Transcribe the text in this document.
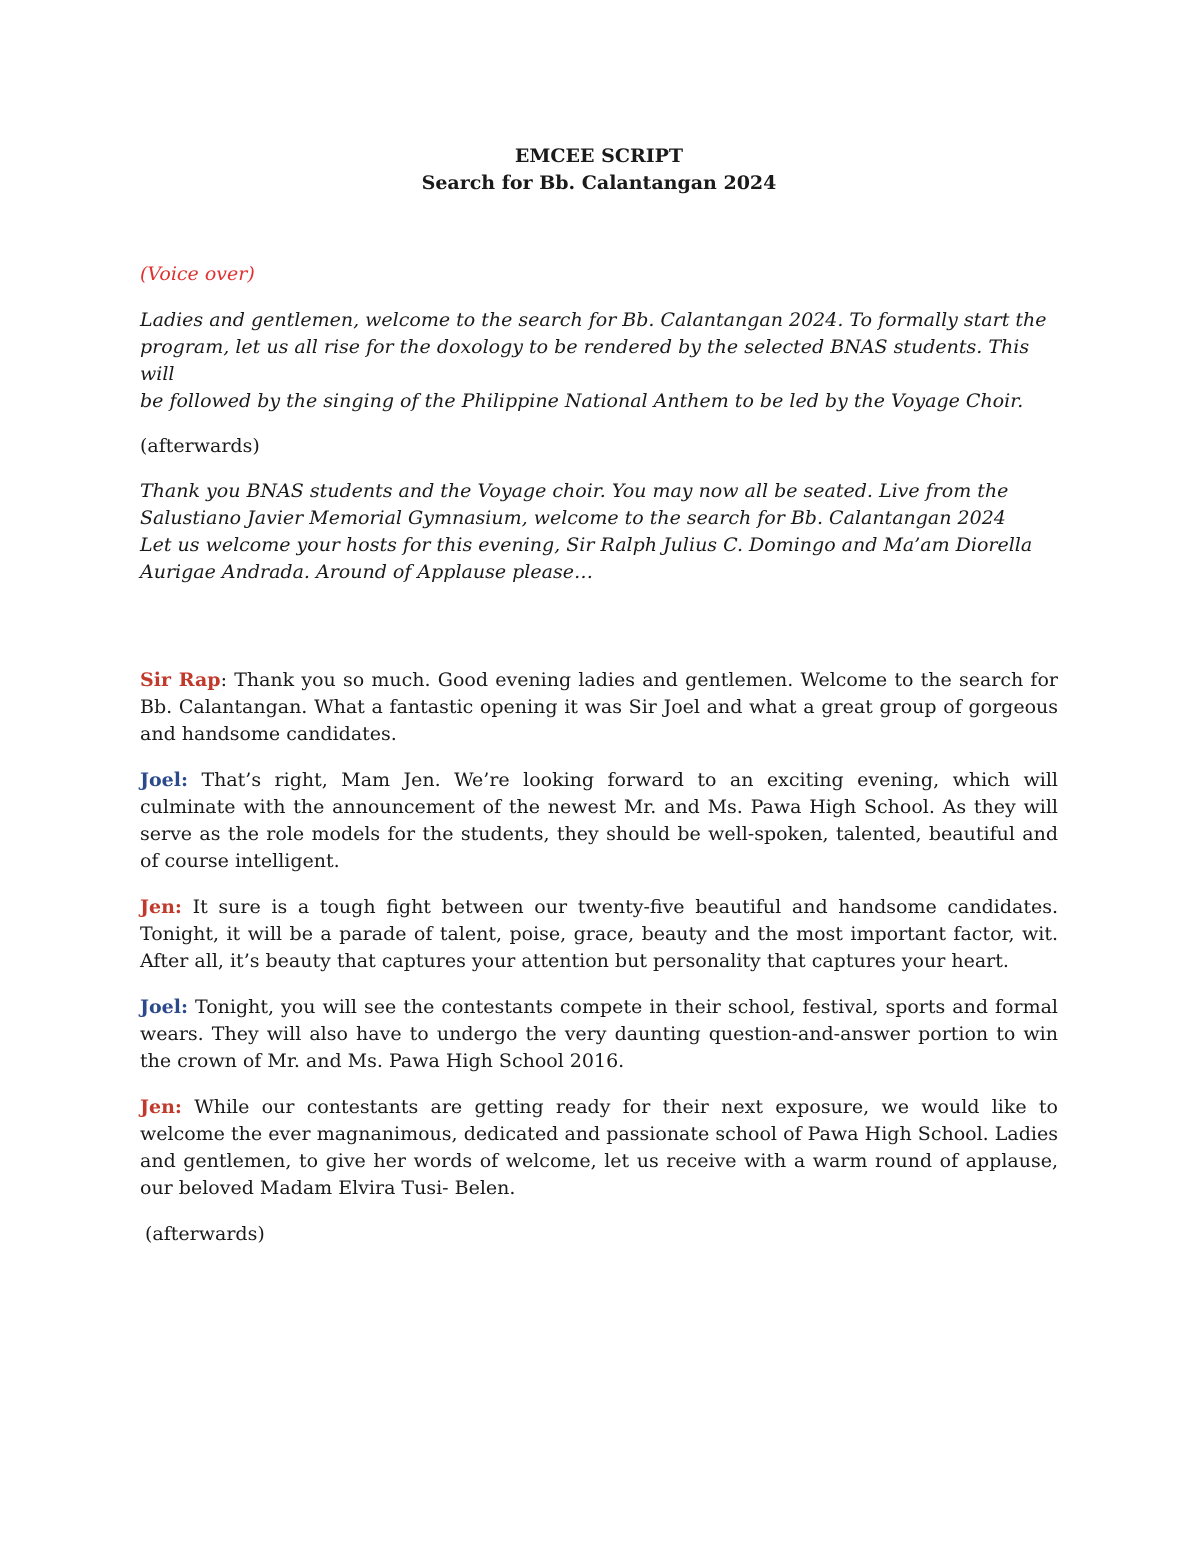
EMCEE SCRIPT
Search for Bb. Calantangan 2024
(Voice over)

Ladies and gentlemen, welcome to the search for Bb. Calantangan 2024. To formally start the
program, let us all rise for the doxology to be rendered by the selected BNAS students. This will
be followed by the singing of the Philippine National Anthem to be led by the Voyage Choir.

(afterwards)

Thank you BNAS students and the Voyage choir. You may now all be seated. Live from the
Salustiano Javier Memorial Gymnasium, welcome to the search for Bb. Calantangan 2024
Let us welcome your hosts for this evening, Sir Ralph Julius C. Domingo and Ma’am Diorella
Aurigae Andrada. Around of Applause please…

Sir Rap: Thank you so much. Good evening ladies and gentlemen. Welcome to the search for Bb. Calantangan. What a fantastic opening it was Sir Joel and what a great group of gorgeous and handsome candidates.

Joel: That’s right, Mam Jen. We’re looking forward to an exciting evening, which will culminate with the announcement of the newest Mr. and Ms. Pawa High School. As they will serve as the role models for the students, they should be well-spoken, talented, beautiful and of course intelligent.

Jen: It sure is a tough fight between our twenty-five beautiful and handsome candidates. Tonight, it will be a parade of talent, poise, grace, beauty and the most important factor, wit. After all, it’s beauty that captures your attention but personality that captures your heart.

Joel: Tonight, you will see the contestants compete in their school, festival, sports and formal wears. They will also have to undergo the very daunting question-and-answer portion to win the crown of Mr. and Ms. Pawa High School 2016.

Jen: While our contestants are getting ready for their next exposure, we would like to welcome the ever magnanimous, dedicated and passionate school of Pawa High School. Ladies and gentlemen, to give her words of welcome, let us receive with a warm round of applause, our beloved Madam Elvira Tusi- Belen.

(afterwards)
